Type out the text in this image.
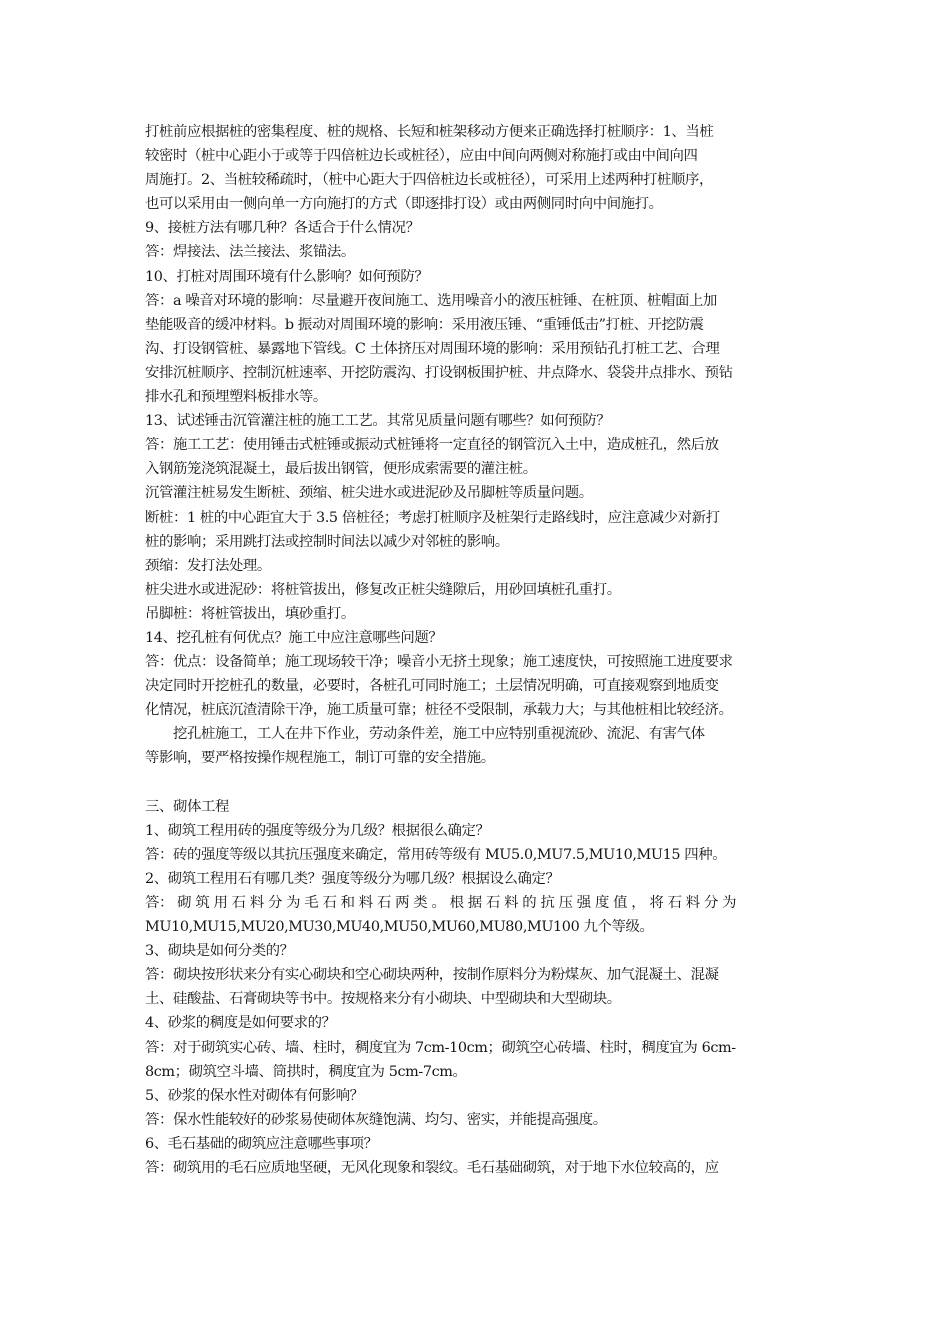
打桩前应根据桩的密集程度、桩的规格、长短和桩架移动方便来正确选择打桩顺序：1、当桩

较密时（桩中心距小于或等于四倍桩边长或桩径），应由中间向两侧对称施打或由中间向四

周施打。2、当桩较稀疏时，（桩中心距大于四倍桩边长或桩径），可采用上述两种打桩顺序，

也可以采用由一侧向单一方向施打的方式（即逐排打设）或由两侧同时向中间施打。

9、接桩方法有哪几种？各适合于什么情况？

答：焊接法、法兰接法、浆锚法。

10、打桩对周围环境有什么影响？如何预防？

答：a 噪音对环境的影响：尽量避开夜间施工、选用噪音小的液压桩锤、在桩顶、桩帽面上加

垫能吸音的缓冲材料。b 振动对周围环境的影响：采用液压锤、“重锤低击”打桩、开挖防震

沟、打设钢管桩、暴露地下管线。C 土体挤压对周围环境的影响：采用预钻孔打桩工艺、合理

安排沉桩顺序、控制沉桩速率、开挖防震沟、打设钢板围护桩、井点降水、袋袋井点排水、预钻

排水孔和预埋塑料板排水等。

13、试述锤击沉管灌注桩的施工工艺。其常见质量问题有哪些？如何预防？

答：施工工艺：使用锤击式桩锤或振动式桩锤将一定直径的钢管沉入土中，造成桩孔，然后放

入钢筋笼浇筑混凝土，最后拔出钢管，便形成索需要的灌注桩。

沉管灌注桩易发生断桩、颈缩、桩尖进水或进泥砂及吊脚桩等质量问题。

断桩：1 桩的中心距宜大于 3.5 倍桩径；考虑打桩顺序及桩架行走路线时，应注意减少对新打

桩的影响；采用跳打法或控制时间法以减少对邻桩的影响。

颈缩：发打法处理。

桩尖进水或进泥砂：将桩管拔出，修复改正桩尖缝隙后，用砂回填桩孔重打。

吊脚桩：将桩管拔出，填砂重打。

14、挖孔桩有何优点？施工中应注意哪些问题？

答：优点：设备简单；施工现场较干净；噪音小无挤土现象；施工速度快，可按照施工进度要求

决定同时开挖桩孔的数量，必要时，各桩孔可同时施工；土层情况明确，可直接观察到地质变

化情况，桩底沉渣清除干净，施工质量可靠；桩径不受限制，承载力大；与其他桩相比较经济。

　　挖孔桩施工，工人在井下作业，劳动条件差，施工中应特别重视流砂、流泥、有害气体

等影响，要严格按操作规程施工，制订可靠的安全措施。

三、砌体工程

1、砌筑工程用砖的强度等级分为几级？根据很么确定？

答：砖的强度等级以其抗压强度来确定，常用砖等级有 MU5.0,MU7.5,MU10,MU15 四种。

2、砌筑工程用石有哪几类？强度等级分为哪几级？根据设么确定？

答： 砌 筑 用 石 料 分 为 毛 石 和 料 石 两 类 。 根 据 石 料 的 抗 压 强 度 值 ， 将 石 料 分 为

MU10,MU15,MU20,MU30,MU40,MU50,MU60,MU80,MU100 九个等级。

3、砌块是如何分类的？

答：砌块按形状来分有实心砌块和空心砌块两种，按制作原料分为粉煤灰、加气混凝土、混凝

土、硅酸盐、石膏砌块等书中。按规格来分有小砌块、中型砌块和大型砌块。

4、砂浆的稠度是如何要求的？

答：对于砌筑实心砖、墙、柱时，稠度宜为 7cm-10cm；砌筑空心砖墙、柱时，稠度宜为 6cm-

8cm；砌筑空斗墙、筒拱时，稠度宜为 5cm-7cm。

5、砂浆的保水性对砌体有何影响？

答：保水性能较好的砂浆易使砌体灰缝饱满、均匀、密实，并能提高强度。

6、毛石基础的砌筑应注意哪些事项？

答：砌筑用的毛石应质地坚硬，无风化现象和裂纹。毛石基础砌筑，对于地下水位较高的，应
